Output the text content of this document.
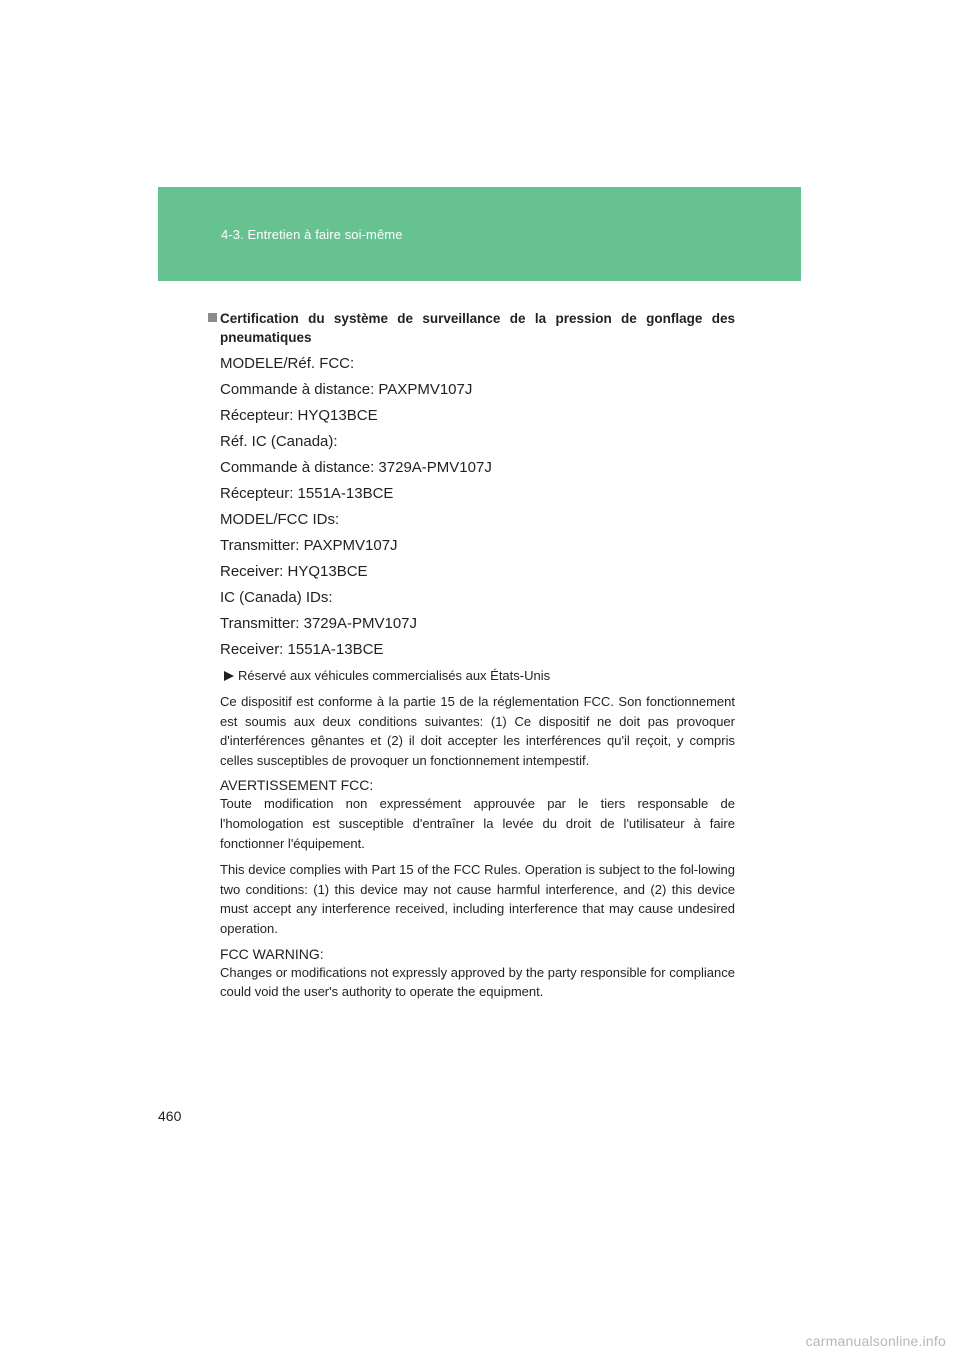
4-3. Entretien à faire soi-même
Certification du système de surveillance de la pression de gonflage des pneumatiques
MODELE/Réf. FCC:
Commande à distance: PAXPMV107J
Récepteur: HYQ13BCE
Réf. IC (Canada):
Commande à distance: 3729A-PMV107J
Récepteur: 1551A-13BCE
MODEL/FCC IDs:
Transmitter: PAXPMV107J
Receiver: HYQ13BCE
IC (Canada) IDs:
Transmitter: 3729A-PMV107J
Receiver: 1551A-13BCE
Réservé aux véhicules commercialisés aux États-Unis

Ce dispositif est conforme à la partie 15 de la réglementation FCC. Son fonctionnement est soumis aux deux conditions suivantes: (1) Ce dispositif ne doit pas provoquer d'interférences gênantes et (2) il doit accepter les interférences qu'il reçoit, y compris celles susceptibles de provoquer un fonctionnement intempestif.

AVERTISSEMENT FCC:

Toute modification non expressément approuvée par le tiers responsable de l'homologation est susceptible d'entraîner la levée du droit de l'utilisateur à faire fonctionner l'équipement.

This device complies with Part 15 of the FCC Rules. Operation is subject to the fol-lowing two conditions: (1) this device may not cause harmful interference, and (2) this device must accept any interference received, including interference that may cause undesired operation.

FCC WARNING:

Changes or modifications not expressly approved by the party responsible for compliance could void the user's authority to operate the equipment.

460
carmanualsonline.info
